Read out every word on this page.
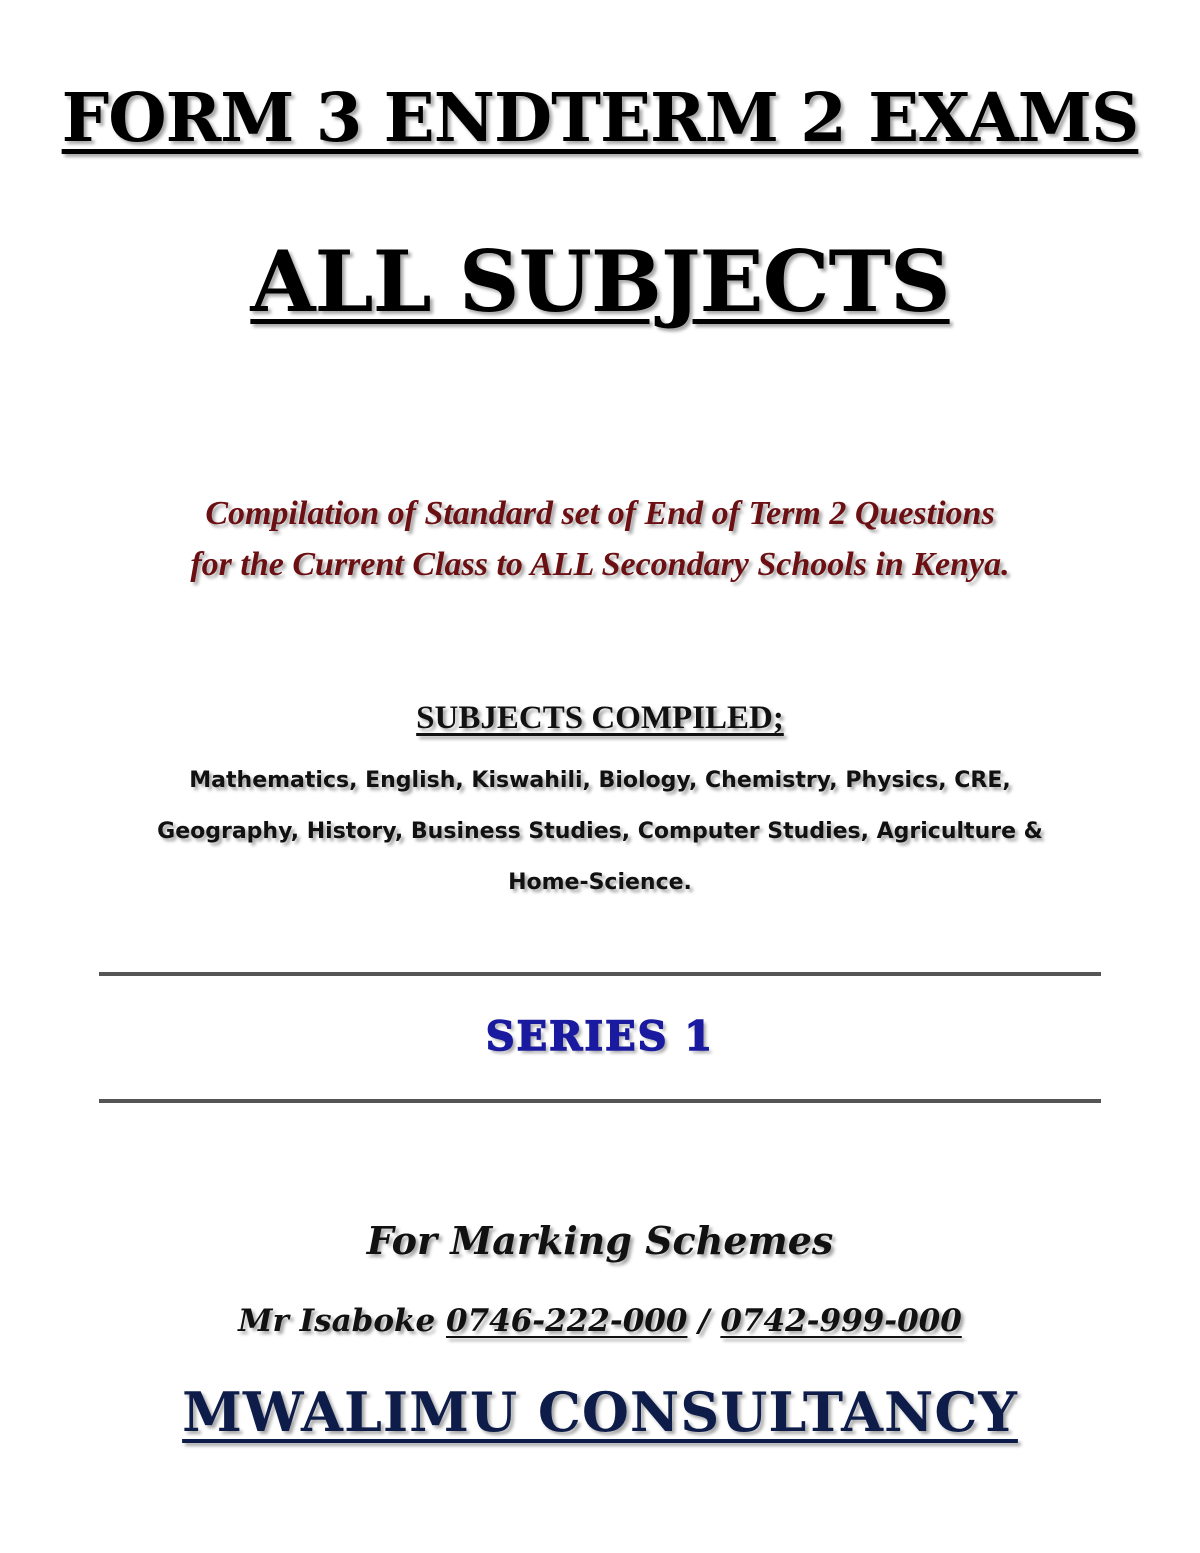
FORM 3 ENDTERM 2 EXAMS
ALL SUBJECTS
Compilation of Standard set of End of Term 2 Questions
for the Current Class to ALL Secondary Schools in Kenya.
SUBJECTS COMPILED;
Mathematics, English, Kiswahili, Biology, Chemistry, Physics, CRE, Geography, History, Business Studies, Computer Studies, Agriculture & Home-Science.
SERIES 1
For Marking Schemes
Mr Isaboke 0746-222-000 / 0742-999-000
MWALIMU CONSULTANCY
